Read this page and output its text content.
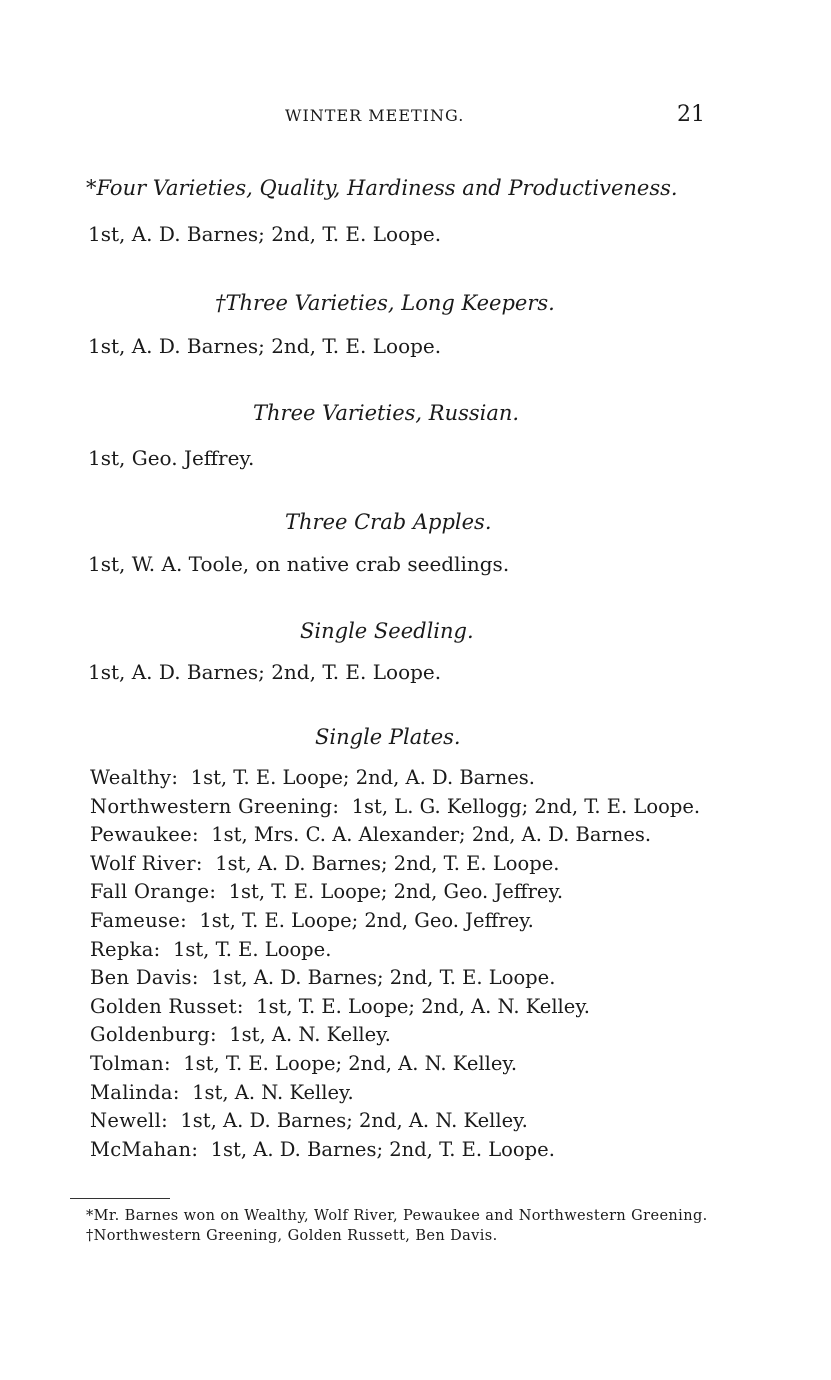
WINTER MEETING.	21
*Four Varieties, Quality, Hardiness and Productiveness.
1st, A. D. Barnes; 2nd, T. E. Loope.
†Three Varieties, Long Keepers.
1st, A. D. Barnes; 2nd, T. E. Loope.
Three Varieties, Russian.
1st, Geo. Jeffrey.
Three Crab Apples.
1st, W. A. Toole, on native crab seedlings.
Single Seedling.
1st, A. D. Barnes; 2nd, T. E. Loope.
Single Plates.
Wealthy: 1st, T. E. Loope; 2nd, A. D. Barnes.
Northwestern Greening: 1st, L. G. Kellogg; 2nd, T. E. Loope.
Pewaukee: 1st, Mrs. C. A. Alexander; 2nd, A. D. Barnes.
Wolf River: 1st, A. D. Barnes; 2nd, T. E. Loope.
Fall Orange: 1st, T. E. Loope; 2nd, Geo. Jeffrey.
Fameuse: 1st, T. E. Loope; 2nd, Geo. Jeffrey.
Repka: 1st, T. E. Loope.
Ben Davis: 1st, A. D. Barnes; 2nd, T. E. Loope.
Golden Russet: 1st, T. E. Loope; 2nd, A. N. Kelley.
Goldenburg: 1st, A. N. Kelley.
Tolman: 1st, T. E. Loope; 2nd, A. N. Kelley.
Malinda: 1st, A. N. Kelley.
Newell: 1st, A. D. Barnes; 2nd, A. N. Kelley.
McMahan: 1st, A. D. Barnes; 2nd, T. E. Loope.
*Mr. Barnes won on Wealthy, Wolf River, Pewaukee and Northwestern Greening.
†Northwestern Greening, Golden Russett, Ben Davis.
